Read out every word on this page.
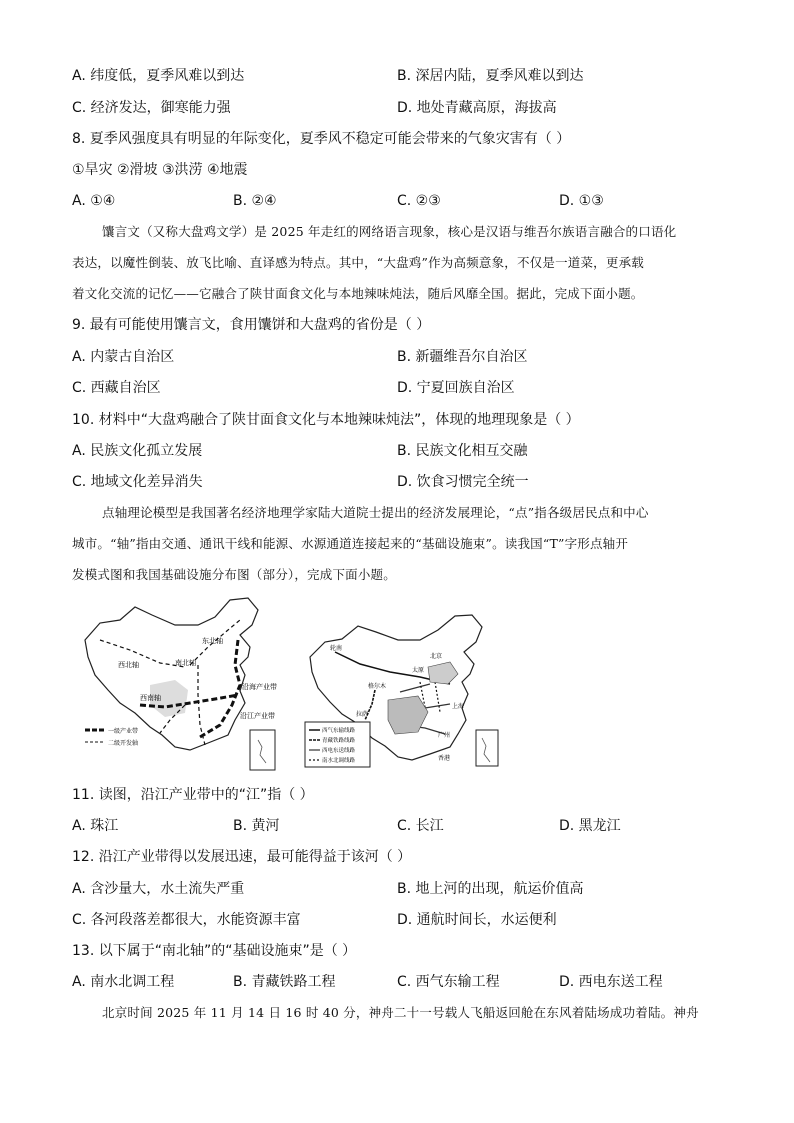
A. 纬度低，夏季风难以到达	B. 深居内陆，夏季风难以到达
C. 经济发达，御寒能力强	D. 地处青藏高原，海拔高
8. 夏季风强度具有明显的年际变化，夏季风不稳定可能会带来的气象灾害有（ ）
①旱灾 ②滑坡 ③洪涝 ④地震
A. ①④	B. ②④	C. ②③	D. ①③
馕言文（又称大盘鸡文学）是 2025 年走红的网络语言现象，核心是汉语与维吾尔族语言融合的口语化
表达，以魔性倒装、放飞比喻、直译感为特点。其中，“大盘鸡”作为高频意象，不仅是一道菜，更承载
着文化交流的记忆——它融合了陕甘面食文化与本地辣味炖法，随后风靡全国。据此，完成下面小题。
9. 最有可能使用馕言文，食用馕饼和大盘鸡的省份是（ ）
A. 内蒙古自治区	B. 新疆维吾尔自治区
C. 西藏自治区	D. 宁夏回族自治区
10. 材料中“大盘鸡融合了陕甘面食文化与本地辣味炖法”，体现的地理现象是（ ）
A. 民族文化孤立发展	B. 民族文化相互交融
C. 地域文化差异消失	D. 饮食习惯完全统一
点轴理论模型是我国著名经济地理学家陆大道院士提出的经济发展理论，“点”指各级居民点和中心
城市。“轴”指由交通、通讯干线和能源、水源通道连接起来的“基础设施束”。读我国“T”字形点轴开
发模式图和我国基础设施分布图（部分），完成下面小题。
东北轴
西北轴	南北轴
西南轴
沿海产业带
沿江产业带
一级产业带
二级开发轴
轮南
北京
格尔木
太原
拉萨
上海
广州
香港
西气东输线路
青藏铁路线路
西电东送线路
南水北调线路
11. 读图，沿江产业带中的“江”指（ ）
A. 珠江	B. 黄河	C. 长江	D. 黑龙江
12. 沿江产业带得以发展迅速，最可能得益于该河（ ）
A. 含沙量大，水土流失严重	B. 地上河的出现，航运价值高
C. 各河段落差都很大，水能资源丰富	D. 通航时间长，水运便利
13. 以下属于“南北轴”的“基础设施束”是（ ）
A. 南水北调工程	B. 青藏铁路工程	C. 西气东输工程	D. 西电东送工程
北京时间 2025 年 11 月 14 日 16 时 40 分，神舟二十一号载人飞船返回舱在东风着陆场成功着陆。神舟
